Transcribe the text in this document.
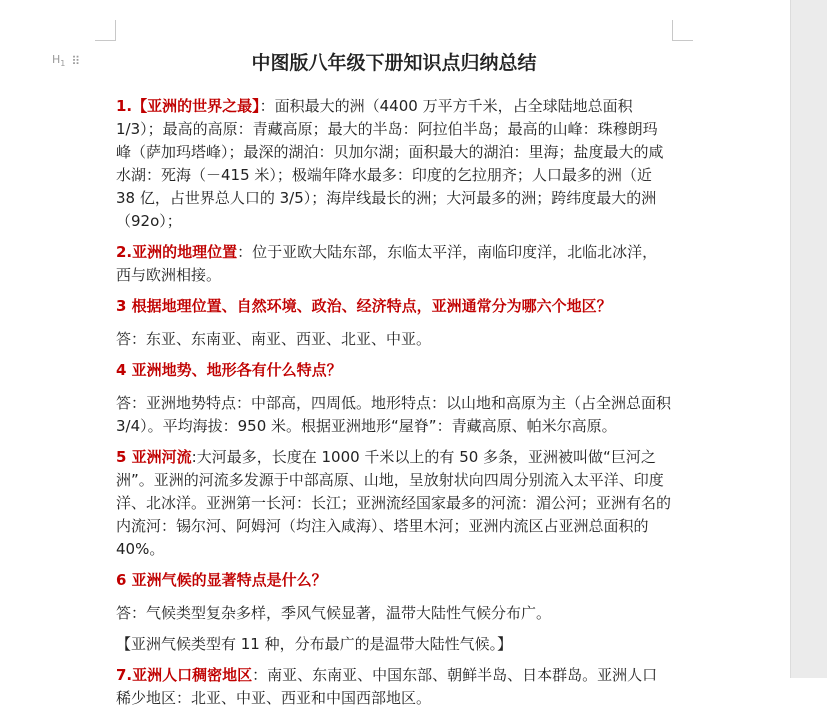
$H_1$ ⠿	中图版八年级下册知识点归纳总结

1.【亚洲的世界之最】：面积最大的洲（4400 万平方千米，占全球陆地总面积 1/3）；最高的高原：青藏高原；最大的半岛：阿拉伯半岛；最高的山峰：珠穆朗玛峰（萨加玛塔峰）；最深的湖泊：贝加尔湖；面积最大的湖泊：里海；盐度最大的咸水湖：死海（－415 米）；极端年降水最多：印度的乞拉朋齐；人口最多的洲（近 38 亿，占世界总人口的 3/5）；海岸线最长的洲；大河最多的洲；跨纬度最大的洲（92o）；

2.亚洲的地理位置：位于亚欧大陆东部，东临太平洋，南临印度洋，北临北冰洋，西与欧洲相接。

3 根据地理位置、自然环境、政治、经济特点，亚洲通常分为哪六个地区？

答：东亚、东南亚、南亚、西亚、北亚、中亚。

4 亚洲地势、地形各有什么特点？

答：亚洲地势特点：中部高，四周低。地形特点：以山地和高原为主（占全洲总面积 3/4）。平均海拔：950 米。根据亚洲地形“屋脊”：青藏高原、帕米尔高原。

5 亚洲河流:大河最多，长度在 1000 千米以上的有 50 多条，亚洲被叫做“巨河之洲”。亚洲的河流多发源于中部高原、山地，呈放射状向四周分别流入太平洋、印度洋、北冰洋。亚洲第一长河：长江；亚洲流经国家最多的河流：湄公河；亚洲有名的内流河：锡尔河、阿姆河（均注入咸海）、塔里木河；亚洲内流区占亚洲总面积的 40%。

6 亚洲气候的显著特点是什么？

答：气候类型复杂多样，季风气候显著，温带大陆性气候分布广。

【亚洲气候类型有 11 种，分布最广的是温带大陆性气候。】

7.亚洲人口稠密地区：南亚、东南亚、中国东部、朝鲜半岛、日本群岛。亚洲人口稀少地区：北亚、中亚、西亚和中国西部地区。
